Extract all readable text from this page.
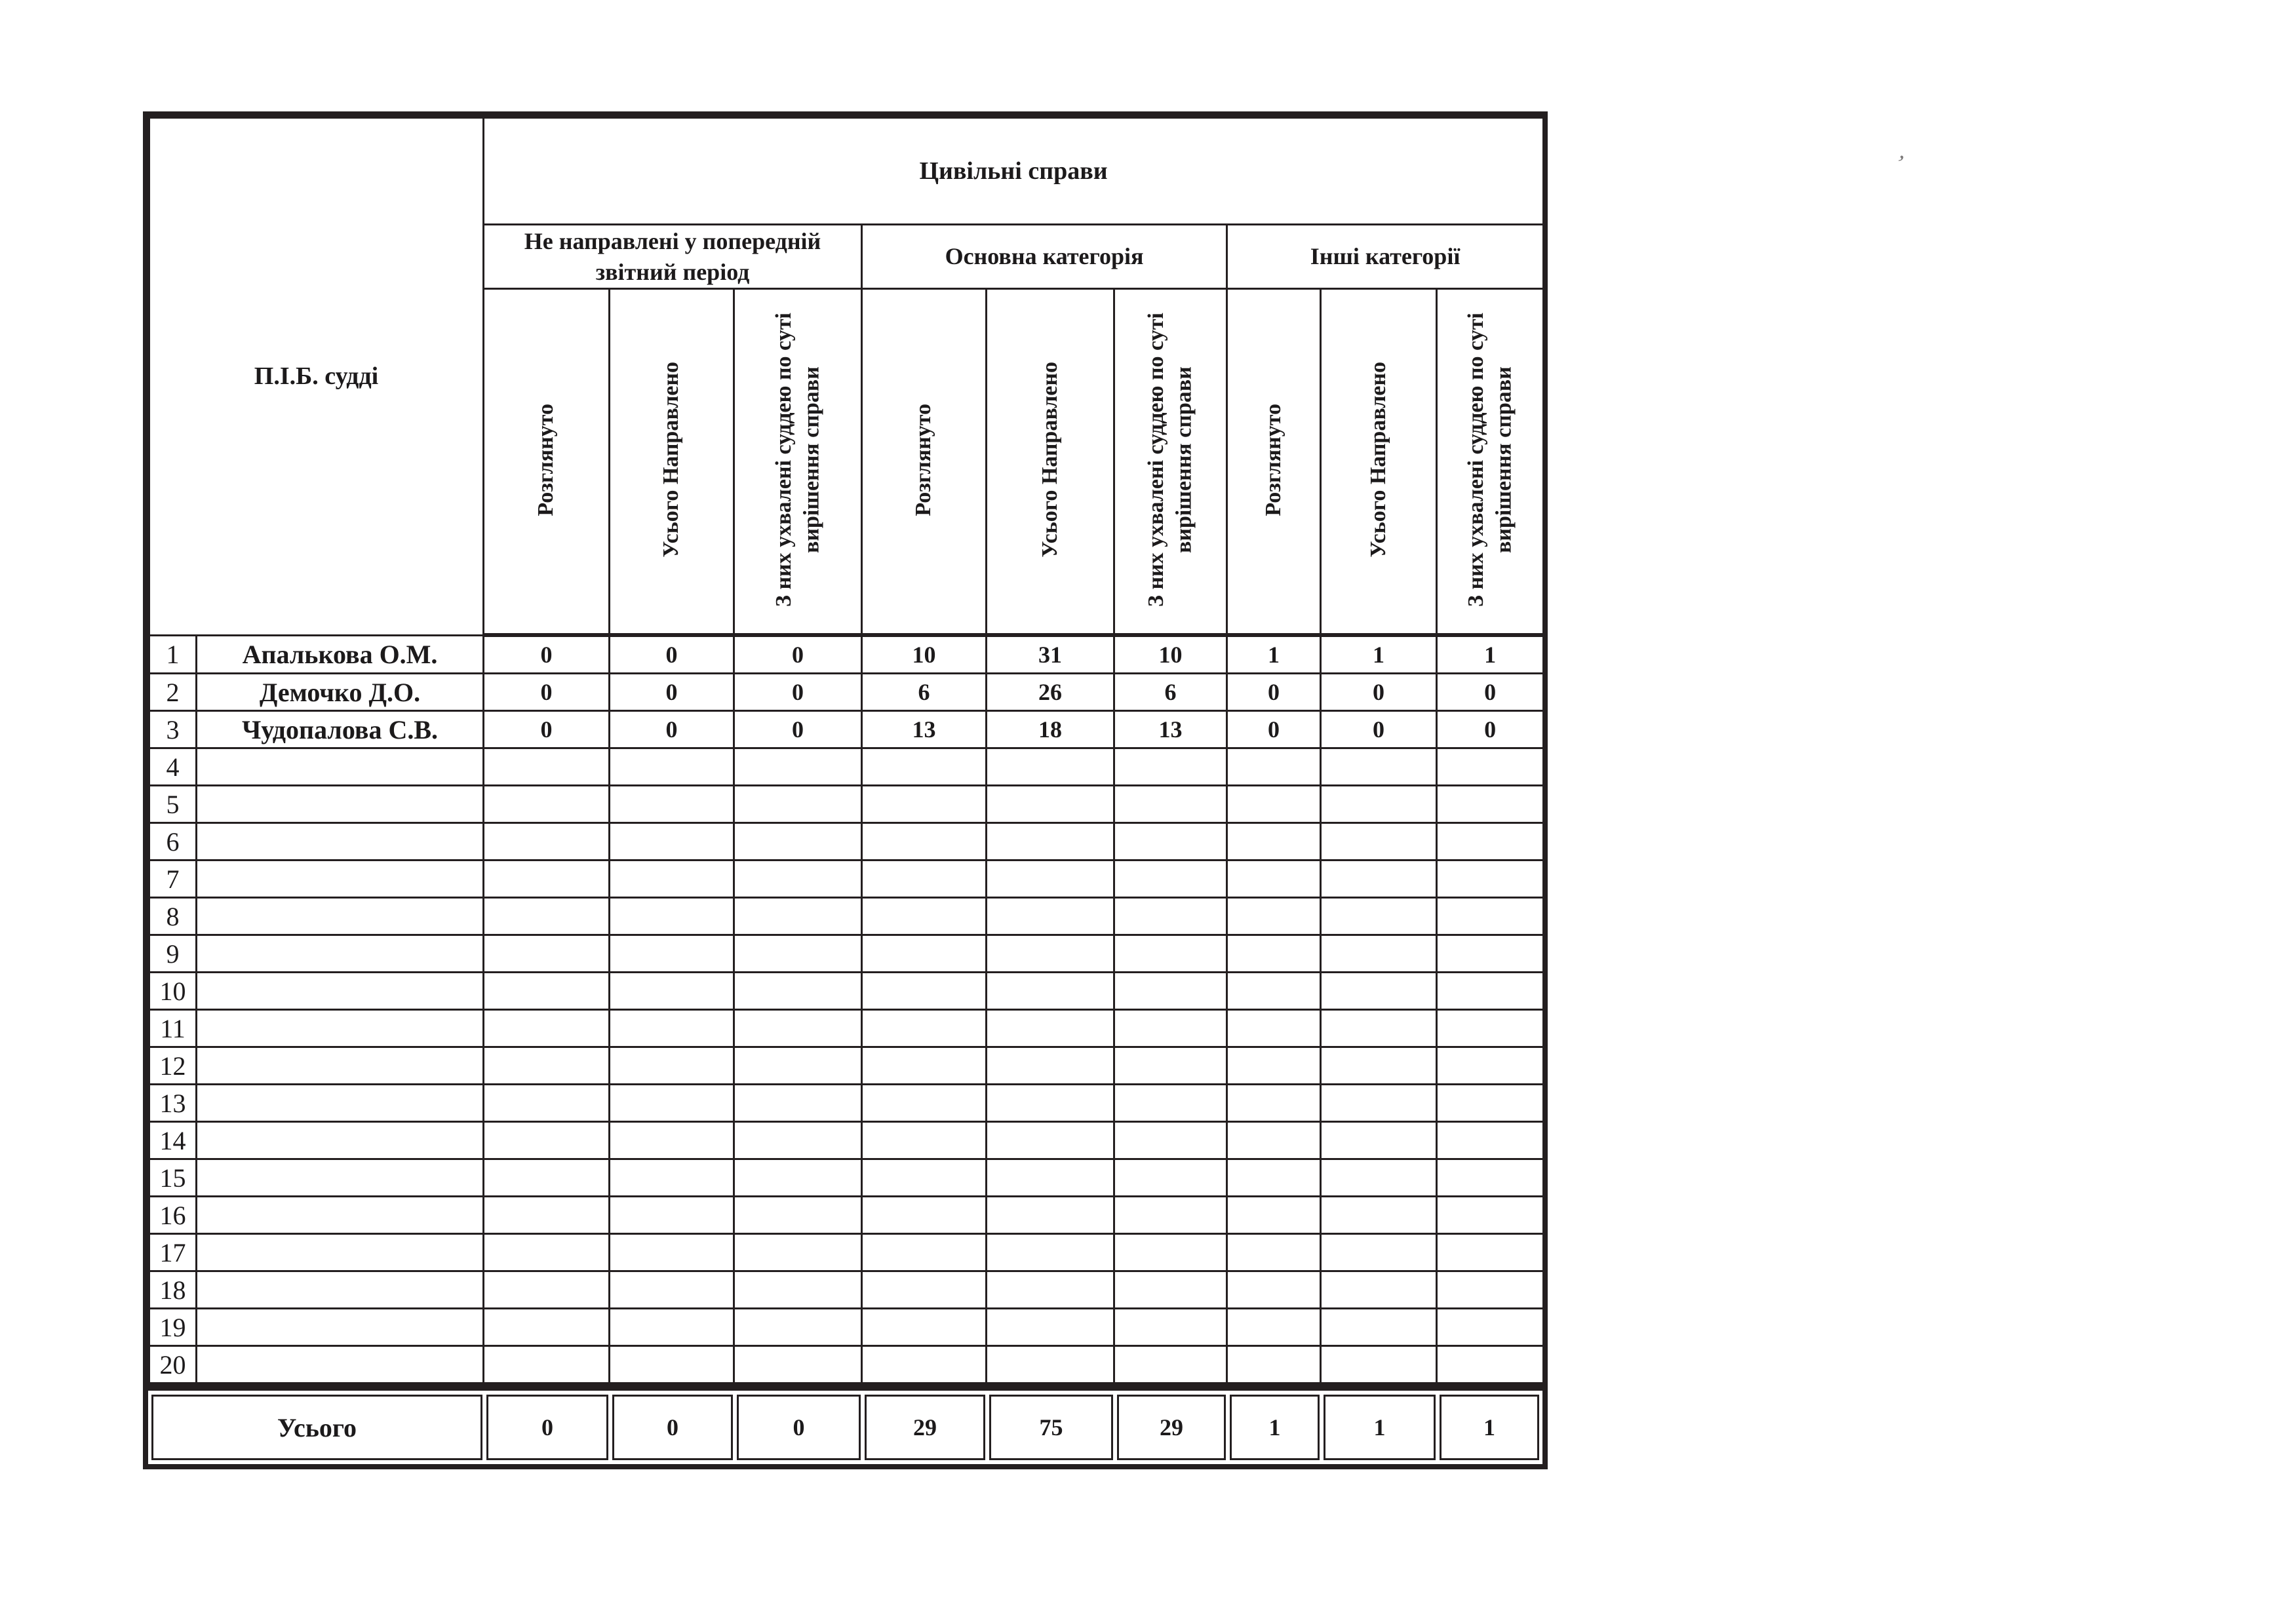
’
П.І.Б. судді		Цивільні справи								
		Не направлені у попередній звітний період			Основна категорія			Інші категорії		
		Розглянуто	Усього Направлено	З них ухвалені суддею по суті вирішення справи	Розглянуто	Усього Направлено	З них ухвалені суддею по суті вирішення справи	Розглянуто	Усього Направлено	З них ухвалені суддею по суті вирішення справи
1	Апалькова О.М.	0	0	0	10	31	10	1	1	1
2	Демочко Д.О.	0	0	0	6	26	6	0	0	0
3	Чудопалова С.В.	0	0	0	13	18	13	0	0	0
4										
5										
6										
7										
8										
9										
10										
11										
12										
13										
14										
15										
16										
17										
18										
19										
20										
Усього	0	0	0	29	75	29	1	1	1
